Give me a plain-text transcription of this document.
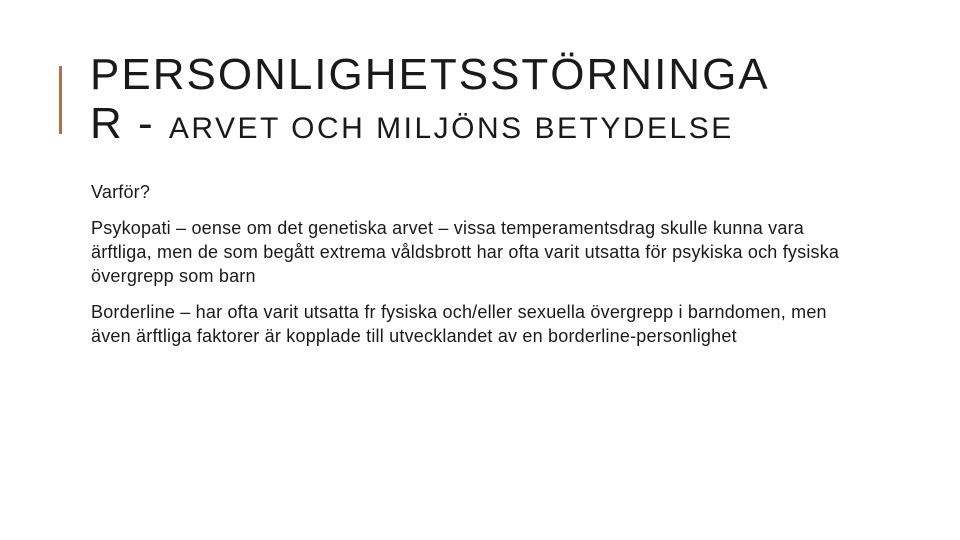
PERSONLIGHETSSTÖRNINGA
R - ARVET OCH MILJÖNS BETYDELSE

Varför?

Psykopati – oense om det genetiska arvet – vissa temperamentsdrag skulle kunna vara ärftliga, men de som begått extrema våldsbrott har ofta varit utsatta för psykiska och fysiska övergrepp som barn

Borderline – har ofta varit utsatta fr fysiska och/eller sexuella övergrepp i barndomen, men även ärftliga faktorer är kopplade till utvecklandet av en borderline-personlighet
